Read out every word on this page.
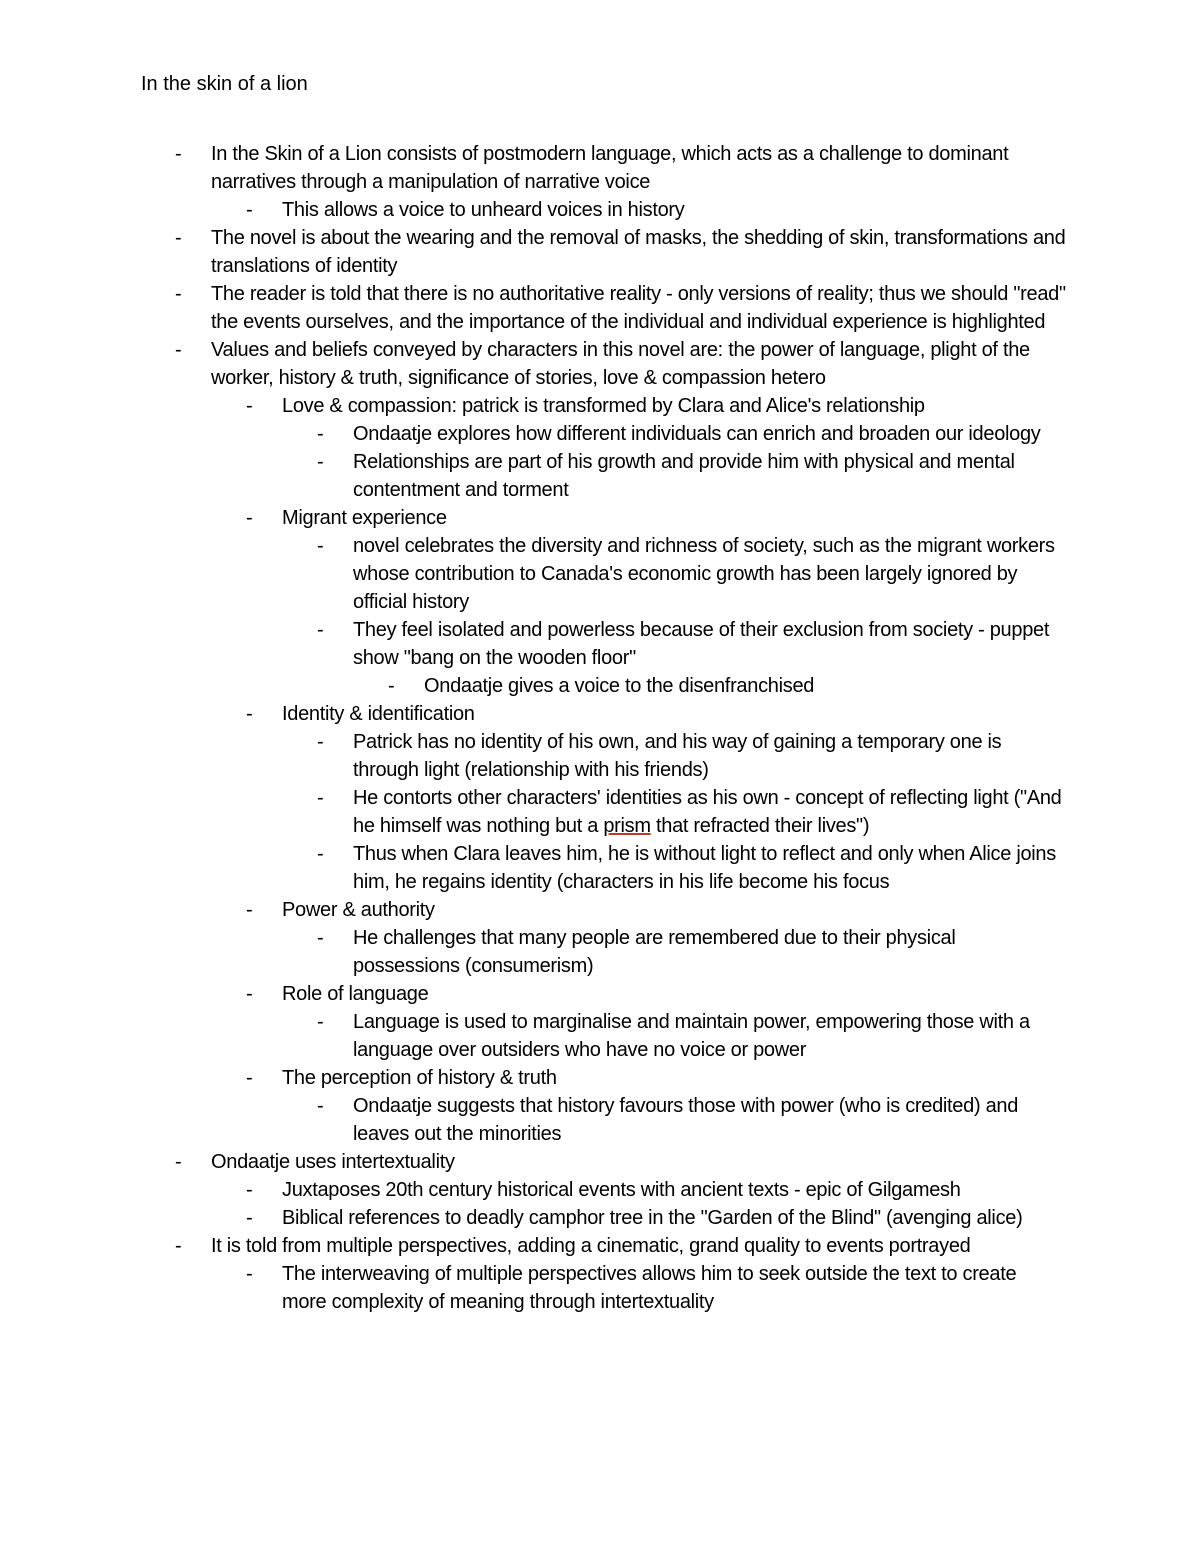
In the skin of a lion
- In the Skin of a Lion consists of postmodern language, which acts as a challenge to dominant narratives through a manipulation of narrative voice
- This allows a voice to unheard voices in history
- The novel is about the wearing and the removal of masks, the shedding of skin, transformations and translations of identity
- The reader is told that there is no authoritative reality - only versions of reality; thus we should "read" the events ourselves, and the importance of the individual and individual experience is highlighted
- Values and beliefs conveyed by characters in this novel are: the power of language, plight of the worker, history & truth, significance of stories, love & compassion hetero
- Love & compassion: patrick is transformed by Clara and Alice's relationship
- Ondaatje explores how different individuals can enrich and broaden our ideology
- Relationships are part of his growth and provide him with physical and mental contentment and torment
- Migrant experience
- novel celebrates the diversity and richness of society, such as the migrant workers whose contribution to Canada's economic growth has been largely ignored by official history
- They feel isolated and powerless because of their exclusion from society - puppet show "bang on the wooden floor"
- Ondaatje gives a voice to the disenfranchised
- Identity & identification
- Patrick has no identity of his own, and his way of gaining a temporary one is through light (relationship with his friends)
- He contorts other characters' identities as his own - concept of reflecting light ("And he himself was nothing but a prism that refracted their lives")
- Thus when Clara leaves him, he is without light to reflect and only when Alice joins him, he regains identity (characters in his life become his focus
- Power & authority
- He challenges that many people are remembered due to their physical possessions (consumerism)
- Role of language
- Language is used to marginalise and maintain power, empowering those with a language over outsiders who have no voice or power
- The perception of history & truth
- Ondaatje suggests that history favours those with power (who is credited) and leaves out the minorities
- Ondaatje uses intertextuality
- Juxtaposes 20th century historical events with ancient texts - epic of Gilgamesh
- Biblical references to deadly camphor tree in the "Garden of the Blind" (avenging alice)
- It is told from multiple perspectives, adding a cinematic, grand quality to events portrayed
- The interweaving of multiple perspectives allows him to seek outside the text to create more complexity of meaning through intertextuality
